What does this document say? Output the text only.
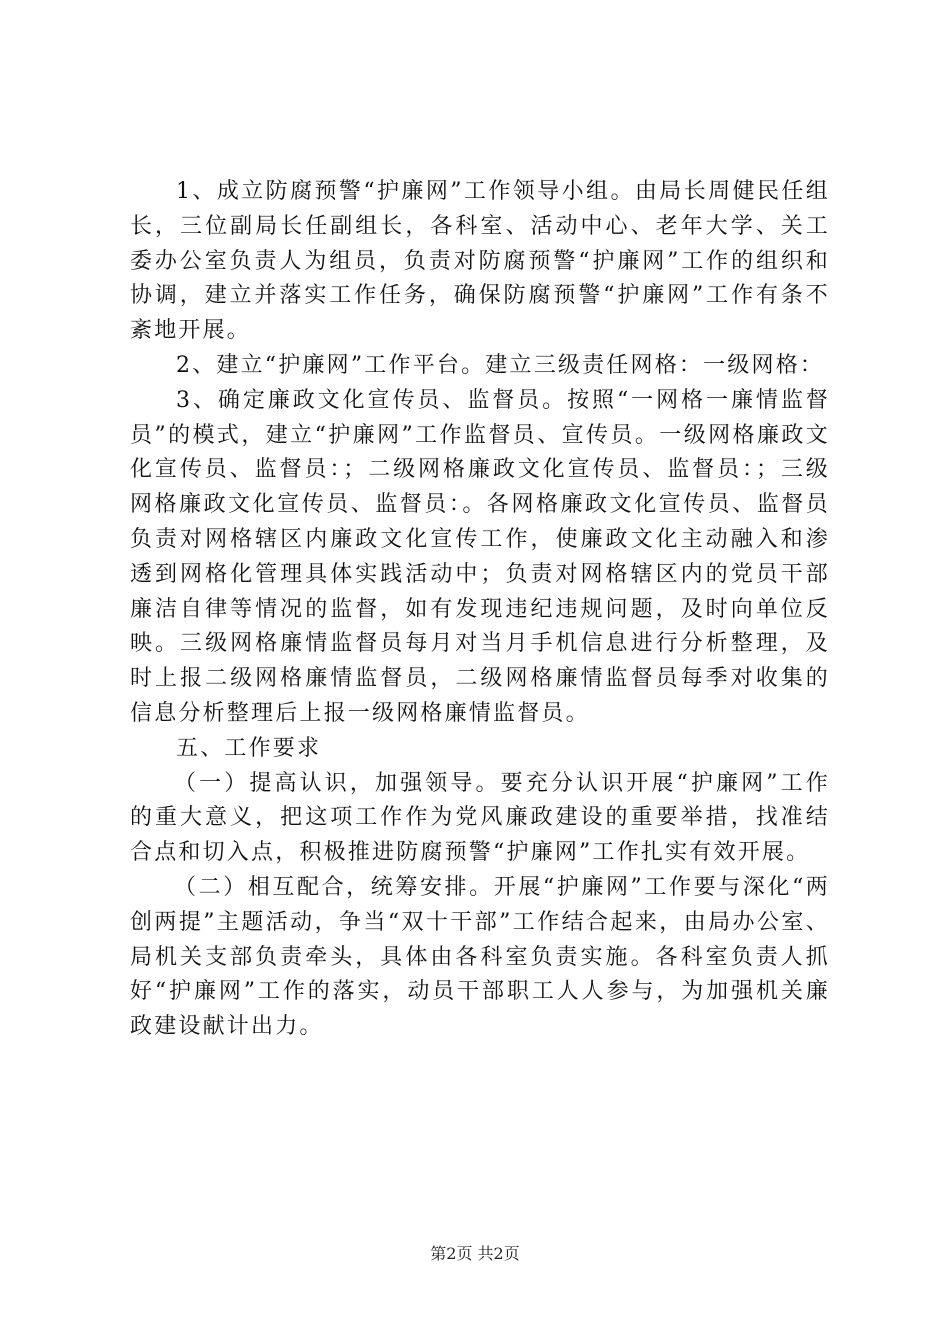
1、成立防腐预警“护廉网”工作领导小组。由局长周健民任组长，三位副局长任副组长，各科室、活动中心、老年大学、关工委办公室负责人为组员，负责对防腐预警“护廉网”工作的组织和协调，建立并落实工作任务，确保防腐预警“护廉网”工作有条不紊地开展。

2、建立“护廉网”工作平台。建立三级责任网格：一级网格：

3、确定廉政文化宣传员、监督员。按照“一网格一廉情监督员”的模式，建立“护廉网”工作监督员、宣传员。一级网格廉政文化宣传员、监督员：；二级网格廉政文化宣传员、监督员：；三级网格廉政文化宣传员、监督员：。各网格廉政文化宣传员、监督员负责对网格辖区内廉政文化宣传工作，使廉政文化主动融入和渗透到网格化管理具体实践活动中；负责对网格辖区内的党员干部廉洁自律等情况的监督，如有发现违纪违规问题，及时向单位反映。三级网格廉情监督员每月对当月手机信息进行分析整理，及时上报二级网格廉情监督员，二级网格廉情监督员每季对收集的信息分析整理后上报一级网格廉情监督员。

五、工作要求

（一）提高认识，加强领导。要充分认识开展“护廉网”工作的重大意义，把这项工作作为党风廉政建设的重要举措，找准结合点和切入点，积极推进防腐预警“护廉网”工作扎实有效开展。

（二）相互配合，统筹安排。开展“护廉网”工作要与深化“两创两提”主题活动，争当“双十干部”工作结合起来，由局办公室、局机关支部负责牵头，具体由各科室负责实施。各科室负责人抓好“护廉网”工作的落实，动员干部职工人人参与，为加强机关廉政建设献计出力。

第2页 共2页
